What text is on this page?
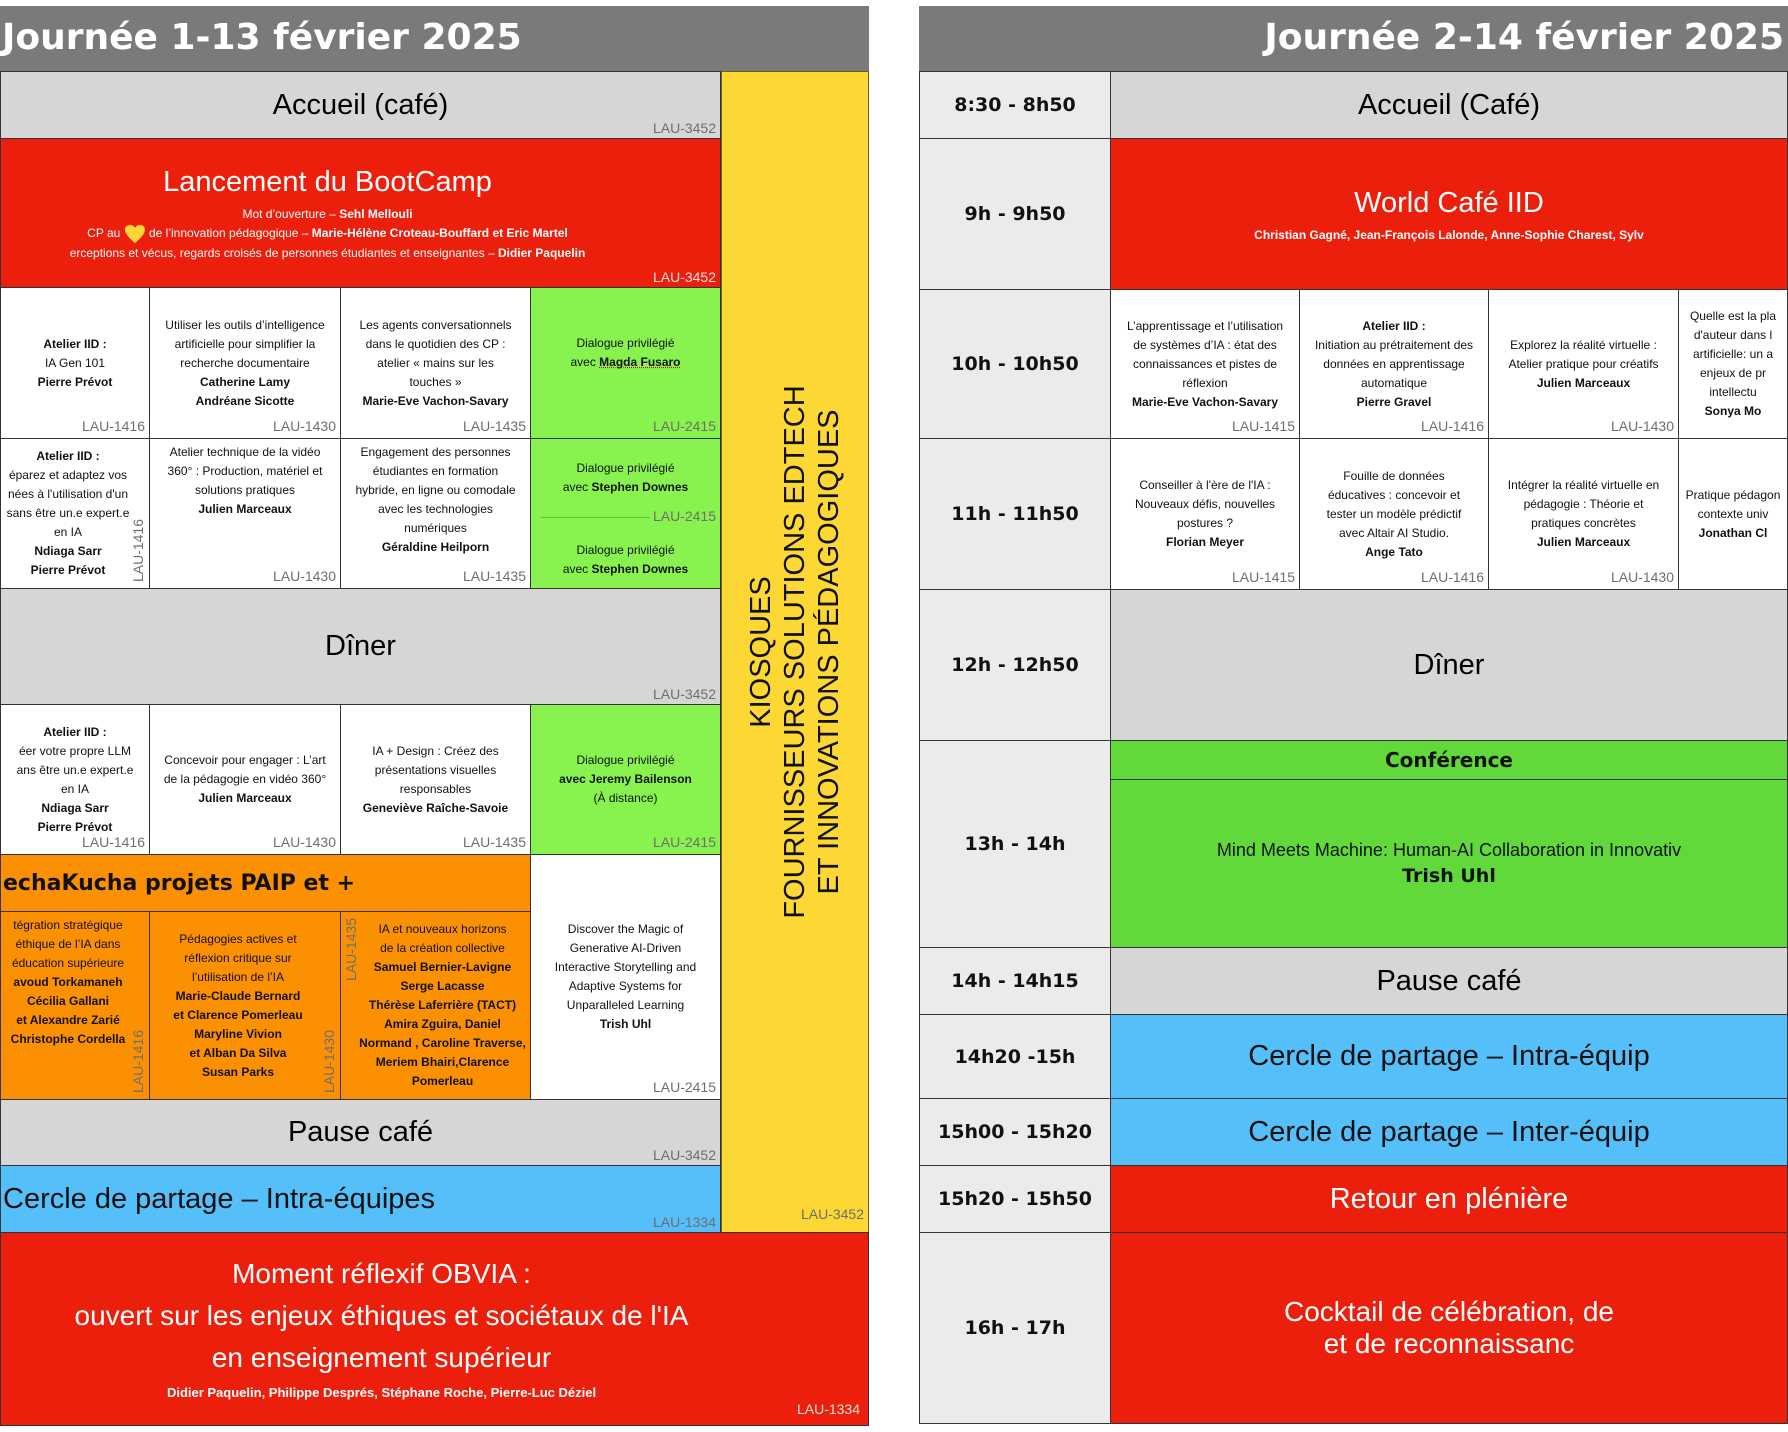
Journée 1-13 février 2025
Accueil (café)
LAU-3452
Lancement du BootCamp
Mot d’ouverture – Sehl Mellouli
CP au  de l’innovation pédagogique – Marie-Hélène Croteau-Bouffard et Eric Martel
erceptions et vécus, regards croisés de personnes étudiantes et enseignantes – Didier Paquelin
LAU-3452
Atelier IID :
IA Gen 101
Pierre Prévot
LAU-1416
Utiliser les outils d’intelligence
artificielle pour simplifier la
recherche documentaire
Catherine Lamy
Andréane Sicotte
LAU-1430
Les agents conversationnels
dans le quotidien des CP :
atelier « mains sur les
touches »
Marie-Eve Vachon-Savary
LAU-1435
Dialogue privilégié
avec Magda Fusaro
LAU-2415
Atelier IID :
éparez et adaptez vos
nées à l'utilisation d'un
sans être un.e expert.e
en IA
Ndiaga Sarr
Pierre Prévot LAU-1416
Atelier technique de la vidéo
360° : Production, matériel et
solutions pratiques
Julien Marceaux
LAU-1430
Engagement des personnes
étudiantes en formation
hybride, en ligne ou comodale
avec les technologies
numériques
Géraldine Heilporn
LAU-1435
Dialogue privilégié
avec Stephen Downes
LAU-2415
Dialogue privilégié
avec Stephen Downes
Dîner
LAU-3452
Atelier IID :
éer votre propre LLM
ans être un.e expert.e
en IA
Ndiaga Sarr
Pierre Prévot
LAU-1416
Concevoir pour engager : L’art
de la pédagogie en vidéo 360°
Julien Marceaux
LAU-1430
IA + Design : Créez des
présentations visuelles
responsables
Geneviève Raîche-Savoie
LAU-1435
Dialogue privilégié
avec Jeremy Bailenson
(À distance)
LAU-2415
echaKucha projets PAIP et +
tégration stratégique
éthique de l’IA dans
éducation supérieure
avoud Torkamaneh
Cécilia Gallani
et Alexandre Zarié
Christophe Cordella LAU-1416
Pédagogies actives et
réflexion critique sur
l’utilisation de l’IA
Marie-Claude Bernard
et Clarence Pomerleau
Maryline Vivion
et Alban Da Silva
Susan Parks	LAU-1430
IA et nouveaux horizons
de la création collective
Samuel Bernier-Lavigne
Serge Lacasse
Thérèse Laferrière (TACT)
Amira Zguira, Daniel
Normand , Caroline Traverse,
Meriem Bhairi,Clarence
Pomerleau
LAU-1435	Discover the Magic of
Generative AI-Driven
Interactive Storytelling and
Adaptive Systems for
Unparalleled Learning
Trish Uhl
LAU-2415
Pause café
LAU-3452
Cercle de partage – Intra-équipes
LAU-1334
KIOSQUES FOURNISSEURS SOLUTIONS EDTECH ET INNOVATIONS PÉDAGOGIQUES
LAU-3452
Moment réflexif OBVIA :
ouvert sur les enjeux éthiques et sociétaux de l'IA
en enseignement supérieur
Didier Paquelin, Philippe Després, Stéphane Roche, Pierre-Luc Déziel
LAU-1334
Journée 2-14 février 2025
8:30 - 8h50
9h - 9h50
10h - 10h50
11h - 11h50
12h - 12h50
13h - 14h
14h - 14h15
14h20 -15h
15h00 - 15h20
15h20 - 15h50
16h - 17h
Accueil (Café)
World Café IID
Christian Gagné, Jean-François Lalonde, Anne-Sophie Charest, Sylv
L’apprentissage et l’utilisation
de systèmes d’IA : état des
connaissances et pistes de
réflexion
Marie-Eve Vachon-Savary
LAU-1415
Atelier IID :
Initiation au prétraitement des
données en apprentissage
automatique
Pierre Gravel
LAU-1416
Explorez la réalité virtuelle :
Atelier pratique pour créatifs
Julien Marceaux
LAU-1430
Quelle est la pla
d'auteur dans l
artificielle: un a
enjeux de pr
intellectu
Sonya Mo
Conseiller à l'ère de l'IA :
Nouveaux défis, nouvelles
postures ?
Florian Meyer
LAU-1415
Fouille de données
éducatives : concevoir et
tester un modèle prédictif
avec Altair AI Studio.
Ange Tato
LAU-1416
Intégrer la réalité virtuelle en
pédagogie : Théorie et
pratiques concrètes
Julien Marceaux
LAU-1430
Pratique pédagon
contexte univ
Jonathan Cl
Dîner
Conférence
Mind Meets Machine: Human-AI Collaboration in Innovativ
Trish Uhl
Pause café
Cercle de partage – Intra-équip
Cercle de partage – Inter-équip
Retour en plénière
Cocktail de célébration, de
et de reconnaissanc
